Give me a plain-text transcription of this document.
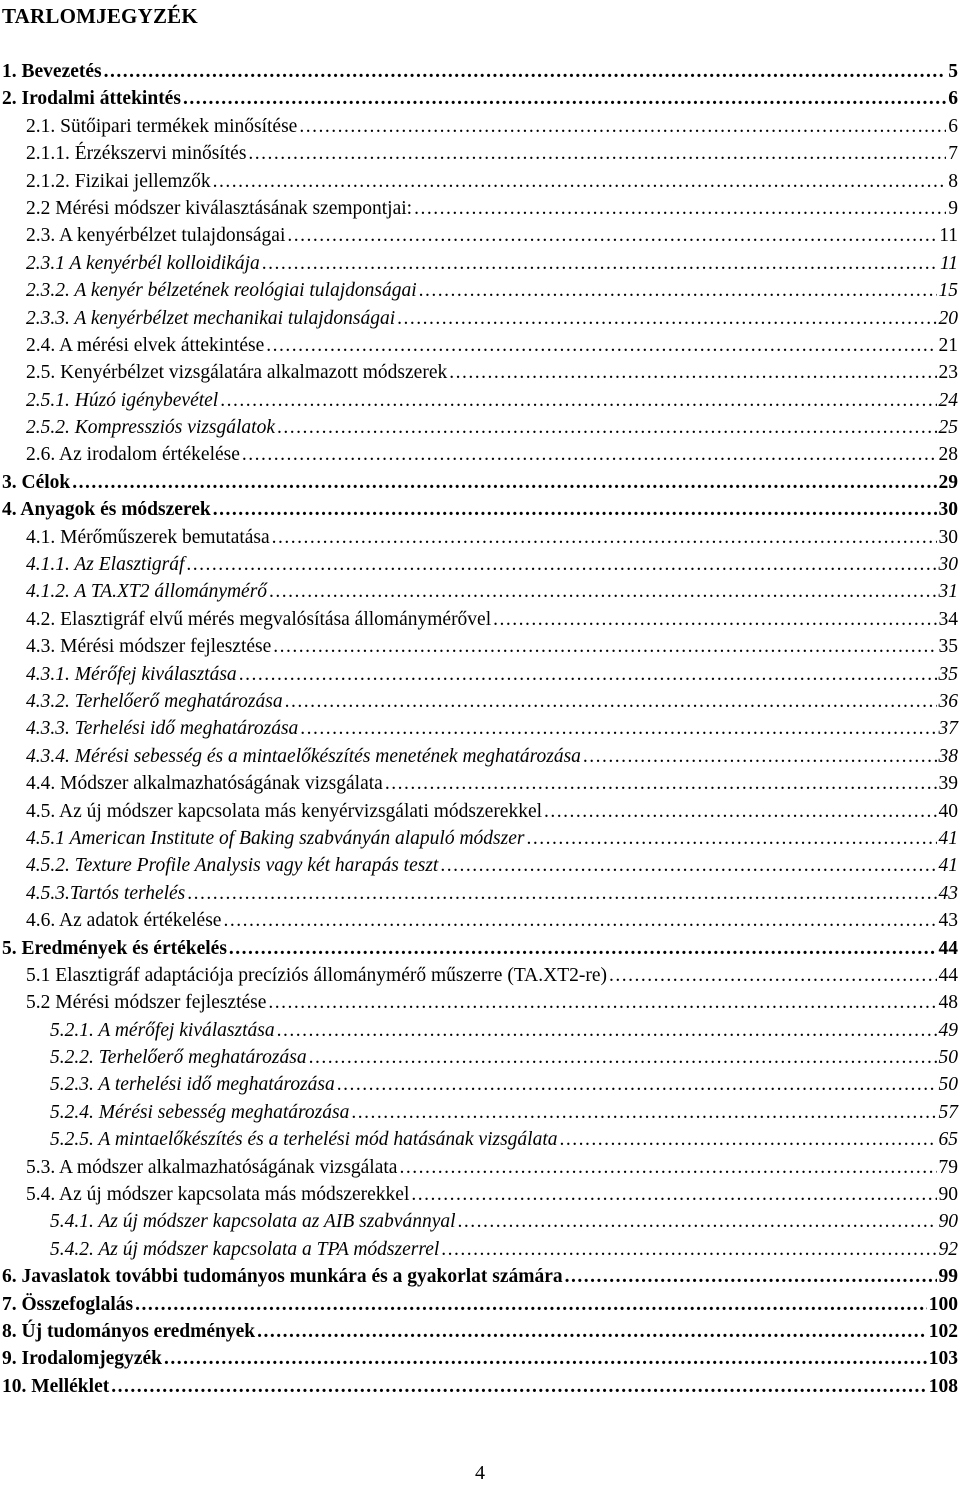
TARLOMJEGYZÉK
1. Bevezetés .....	5
2. Irodalmi áttekintés .....	6
2.1. Sütőipari termékek minősítése .....	6
2.1.1. Érzékszervi minősítés .....	7
2.1.2. Fizikai jellemzők .....	8
2.2 Mérési módszer kiválasztásának szempontjai: .....	9
2.3. A kenyérbélzet tulajdonságai .....	11
2.3.1 A kenyérbél kolloidikája .....	11
2.3.2. A kenyér bélzetének reológiai tulajdonságai .....	15
2.3.3. A kenyérbélzet mechanikai tulajdonságai .....	20
2.4. A mérési elvek áttekintése .....	21
2.5. Kenyérbélzet vizsgálatára alkalmazott módszerek .....	23
2.5.1. Húzó igénybevétel .....	24
2.5.2. Kompressziós vizsgálatok .....	25
2.6. Az irodalom értékelése .....	28
3. Célok .....	29
4. Anyagok és módszerek .....	30
4.1. Mérőműszerek bemutatása .....	30
4.1.1. Az Elasztigráf .....	30
4.1.2. A TA.XT2 állománymérő .....	31
4.2. Elasztigráf elvű mérés megvalósítása állománymérővel .....	34
4.3. Mérési módszer fejlesztése .....	35
4.3.1. Mérőfej kiválasztása .....	35
4.3.2. Terhelőerő meghatározása .....	36
4.3.3. Terhelési idő meghatározása .....	37
4.3.4. Mérési sebesség és a mintaelőkészítés menetének meghatározása .....	38
4.4. Módszer alkalmazhatóságának vizsgálata .....	39
4.5. Az új módszer kapcsolata más kenyérvizsgálati módszerekkel .....	40
4.5.1 American Institute of Baking szabványán alapuló módszer .....	41
4.5.2. Texture Profile Analysis vagy két harapás teszt .....	41
4.5.3.Tartós terhelés .....	43
4.6. Az adatok értékelése .....	43
5. Eredmények és értékelés .....	44
5.1 Elasztigráf adaptációja precíziós állománymérő műszerre (TA.XT2-re) .....	44
5.2 Mérési módszer fejlesztése .....	48
5.2.1. A mérőfej kiválasztása .....	49
5.2.2. Terhelőerő meghatározása .....	50
5.2.3. A terhelési idő meghatározása .....	50
5.2.4. Mérési sebesség meghatározása .....	57
5.2.5. A mintaelőkészítés és a terhelési mód hatásának vizsgálata .....	65
5.3. A módszer alkalmazhatóságának vizsgálata .....	79
5.4. Az új módszer kapcsolata más módszerekkel .....	90
5.4.1. Az új módszer kapcsolata az AIB szabvánnyal .....	90
5.4.2. Az új módszer kapcsolata a TPA módszerrel .....	92
6. Javaslatok további tudományos munkára és a gyakorlat számára .....	99
7. Összefoglalás .....	100
8. Új tudományos eredmények .....	102
9. Irodalomjegyzék .....	103
10. Melléklet .....	108
4
